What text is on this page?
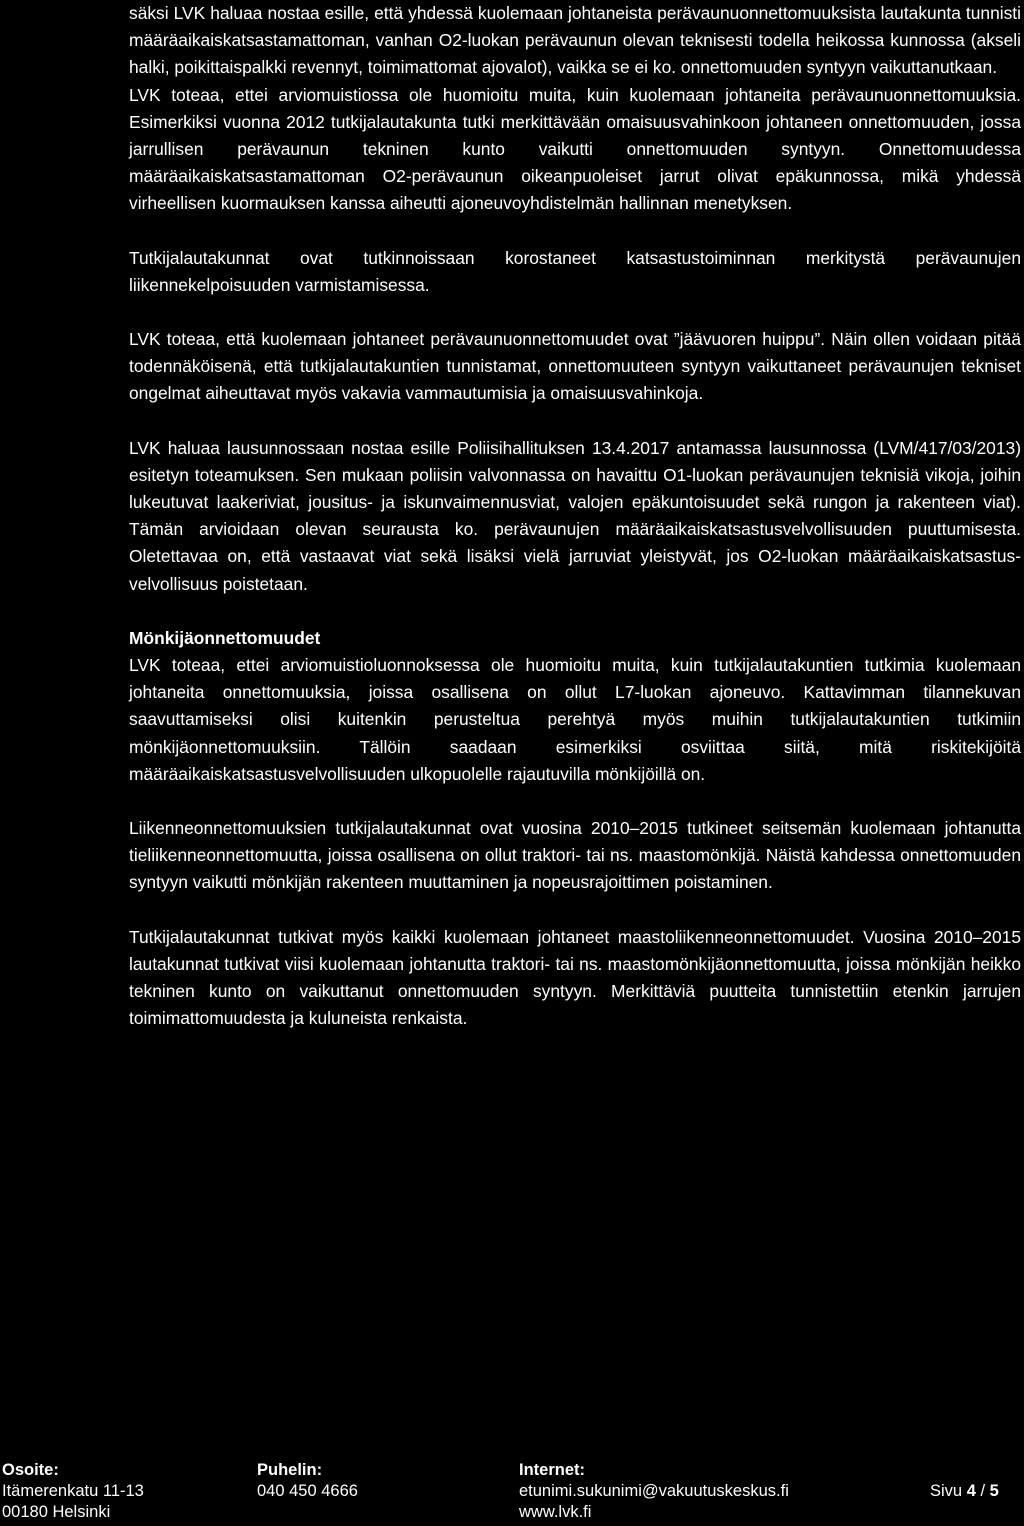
säksi LVK haluaa nostaa esille, että yhdessä kuolemaan johtaneista perävaunuonnettomuuksista lautakunta tunnisti määräaikaiskatsastamattoman, vanhan O2-luokan perävaunun olevan teknisesti todella heikossa kunnossa (akseli halki, poikittaispalkki revennyt, toimimattomat ajovalot), vaikka se ei ko. onnettomuuden syntyyn vaikuttanutkaan.

LVK toteaa, ettei arviomuistiossa ole huomioitu muita, kuin kuolemaan johtaneita perävaunuonnettomuuksia. Esimerkiksi vuonna 2012 tutkijalautakunta tutki merkittävään omaisuusvahinkoon johtaneen onnettomuuden, jossa jarrullisen perävaunun tekninen kunto vaikutti onnettomuuden syntyyn. Onnettomuudessa määräaikaiskatsastamattoman O2-perävaunun oikeanpuoleiset jarrut olivat epäkunnossa, mikä yhdessä virheellisen kuormauksen kanssa aiheutti ajoneuvoyhdistelmän hallinnan menetyksen.

Tutkijalautakunnat ovat tutkinnoissaan korostaneet katsastustoiminnan merkitystä perävaunujen liikennekelpoisuuden varmistamisessa.

LVK toteaa, että kuolemaan johtaneet perävaunuonnettomuudet ovat ”jäävuoren huippu”. Näin ollen voidaan pitää todennäköisenä, että tutkijalautakuntien tunnistamat, onnettomuuteen syntyyn vaikuttaneet perävaunujen tekniset ongelmat aiheuttavat myös vakavia vammautumisia ja omaisuusvahinkoja.

LVK haluaa lausunnossaan nostaa esille Poliisihallituksen 13.4.2017 antamassa lausunnossa (LVM/417/03/2013) esitetyn toteamuksen. Sen mukaan poliisin valvonnassa on havaittu O1-luokan perävaunujen teknisiä vikoja, joihin lukeutuvat laakeriviat, jousitus- ja iskunvaimennusviat, valojen epäkuntoisuudet sekä rungon ja rakenteen viat). Tämän arvioidaan olevan seurausta ko. perävaunujen määräaikaiskatsastusvelvollisuuden puuttumisesta. Oletettavaa on, että vastaavat viat sekä lisäksi vielä jarruviat yleistyvät, jos O2-luokan määräaikaiskatsastusvelvollisuus poistetaan.

Mönkijäonnettomuudet

LVK toteaa, ettei arviomuistioluonnoksessa ole huomioitu muita, kuin tutkijalautakuntien tutkimia kuolemaan johtaneita onnettomuuksia, joissa osallisena on ollut L7-luokan ajoneuvo. Kattavimman tilannekuvan saavuttamiseksi olisi kuitenkin perusteltua perehtyä myös muihin tutkijalautakuntien tutkimiin mönkijäonnettomuuksiin. Tällöin saadaan esimerkiksi osviittaa siitä, mitä riskitekijöitä määräaikaiskatsastusvelvollisuuden ulkopuolelle rajautuvilla mönkijöillä on.

Liikenneonnettomuuksien tutkijalautakunnat ovat vuosina 2010–2015 tutkineet seitsemän kuolemaan johtanutta tieliikenneonnettomuutta, joissa osallisena on ollut traktori- tai ns. maastomönkijä. Näistä kahdessa onnettomuuden syntyyn vaikutti mönkijän rakenteen muuttaminen ja nopeusrajoittimen poistaminen.

Tutkijalautakunnat tutkivat myös kaikki kuolemaan johtaneet maastoliikenneonnettomuudet. Vuosina 2010–2015 lautakunnat tutkivat viisi kuolemaan johtanutta traktori- tai ns. maastomönkijäonnettomuutta, joissa mönkijän heikko tekninen kunto on vaikuttanut onnettomuuden syntyyn. Merkittäviä puutteita tunnistettiin etenkin jarrujen toimimattomuudesta ja kuluneista renkaista.

Osoite:
Itämerenkatu 11-13
00180 Helsinki
Puhelin:
040 450 4666
Internet:
etunimi.sukunimi@vakuutuskeskus.fi
www.lvk.fi
Sivu 4 / 5
